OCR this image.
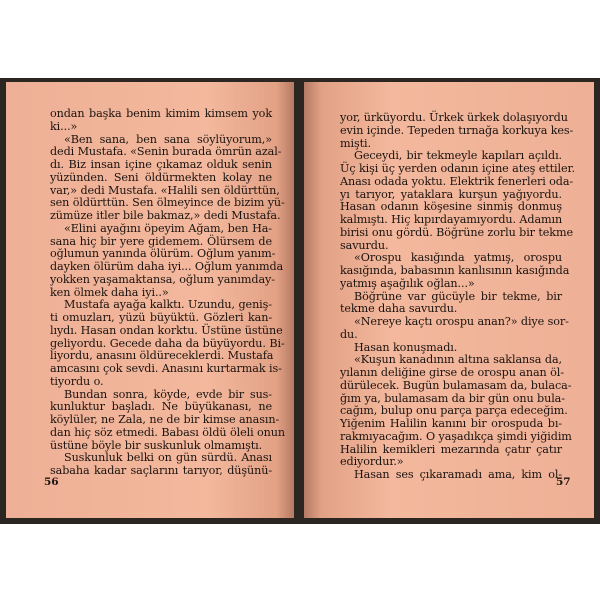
ondan başka benim kimim kimsem yok
ki...»
«Ben sana, ben sana söylüyorum,»
dedi Mustafa. «Senin burada ömrün azal-
dı. Biz insan içine çıkamaz olduk senin
yüzünden. Seni öldürmekten kolay ne
var,» dedi Mustafa. «Halili sen öldürttün,
sen öldürttün. Sen ölmeyince de bizim yü-
zümüze itler bile bakmaz,» dedi Mustafa.
«Elini ayağını öpeyim Ağam, ben Ha-
sana hiç bir yere gidemem. Ölürsem de
oğlumun yanında ölürüm. Oğlum yanım-
dayken ölürüm daha iyi... Oğlum yanımda
yokken yaşamaktansa, oğlum yanımday-
ken ölmek daha iyi..»
Mustafa ayağa kalktı. Uzundu, geniş-
ti omuzları, yüzü büyüktü. Gözleri kan-
lıydı. Hasan ondan korktu. Üstüne üstüne
geliyordu. Gecede daha da büyüyordu. Bi-
liyordu, anasını öldüreceklerdi. Mustafa
amcasını çok sevdi. Anasını kurtarmak is-
tiyordu o.
Bundan sonra, köyde, evde bir sus-
kunluktur başladı. Ne büyükanası, ne
köylüler, ne Zala, ne de bir kimse anasın-
dan hiç söz etmedi. Babası öldü öleli onun
üstüne böyle bir suskunluk olmamıştı.
Suskunluk belki on gün sürdü. Anası
sabaha kadar saçlarını tarıyor, düşünü-
56
yor, ürküyordu. Ürkek ürkek dolaşıyordu
evin içinde. Tepeden tırnağa korkuya kes-
mişti.
Geceydi, bir tekmeyle kapıları açıldı.
Üç kişi üç yerden odanın içine ateş ettiler.
Anası odada yoktu. Elektrik fenerleri oda-
yı tarıyor, yataklara kurşun yağıyordu.
Hasan odanın köşesine sinmiş donmuş
kalmıştı. Hiç kıpırdayamıyordu. Adamın
birisi onu gördü. Böğrüne zorlu bir tekme
savurdu.
«Orospu kasığında yatmış, orospu
kasığında, babasının kanlısının kasığında
yatmış aşağılık oğlan...»
Böğrüne var gücüyle bir tekme, bir
tekme daha savurdu.
«Nereye kaçtı orospu anan?» diye sor-
du.
Hasan konuşmadı.
«Kuşun kanadının altına saklansa da,
yılanın deliğine girse de orospu anan öl-
dürülecek. Bugün bulamasam da, bulaca-
ğım ya, bulamasam da bir gün onu bula-
cağım, bulup onu parça parça edeceğim.
Yiğenim Halilin kanını bir orospuda bı-
rakmıyacağım. O yaşadıkça şimdi yiğidim
Halilin kemikleri mezarında çatır çatır
ediyordur.»
Hasan ses çıkaramadı ama, kim ol-
57
